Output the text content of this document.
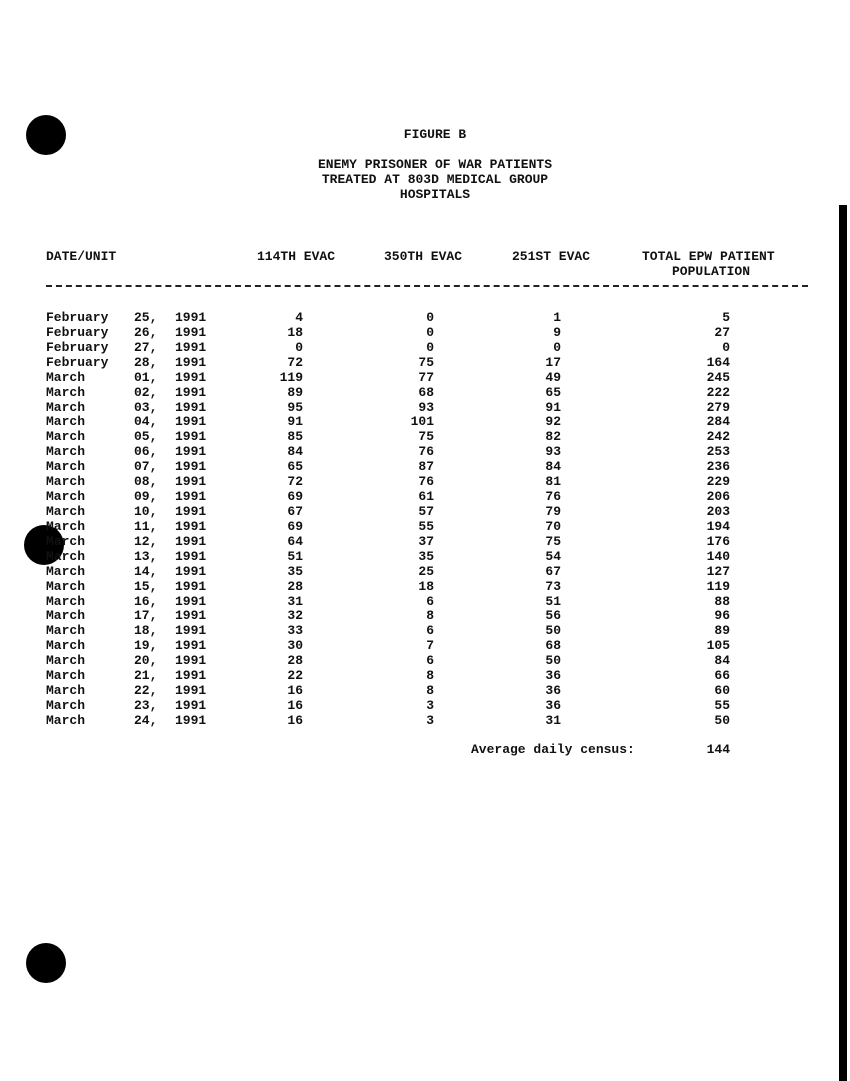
FIGURE B
ENEMY PRISONER OF WAR PATIENTS
TREATED AT 803D MEDICAL GROUP
HOSPITALS
DATE/UNIT	114TH EVAC	350TH EVAC	251ST EVAC	TOTAL EPW PATIENT
POPULATION
February 25, 1991	4	0	1	5
February 26, 1991	18	0	9	27
February 27, 1991	0	0	0	0
February 28, 1991	72	75	17	164
March	01, 1991	119	77	49	245
March	02, 1991	89	68	65	222
March	03, 1991	95	93	91	279
March	04, 1991	91	101	92	284
March	05, 1991	85	75	82	242
March	06, 1991	84	76	93	253
March	07, 1991	65	87	84	236
March	08, 1991	72	76	81	229
March	09, 1991	69	61	76	206
March	10, 1991	67	57	79	203
March	11, 1991	69	55	70	194
March	12, 1991	64	37	75	176
March	13, 1991	51	35	54	140
March	14, 1991	35	25	67	127
March	15, 1991	28	18	73	119
March	16, 1991	31	6	51	88
March	17, 1991	32	8	56	96
March	18, 1991	33	6	50	89
March	19, 1991	30	7	68	105
March	20, 1991	28	6	50	84
March	21, 1991	22	8	36	66
March	22, 1991	16	8	36	60
March	23, 1991	16	3	36	55
March	24, 1991	16	3	31	50
Average daily census:	144
